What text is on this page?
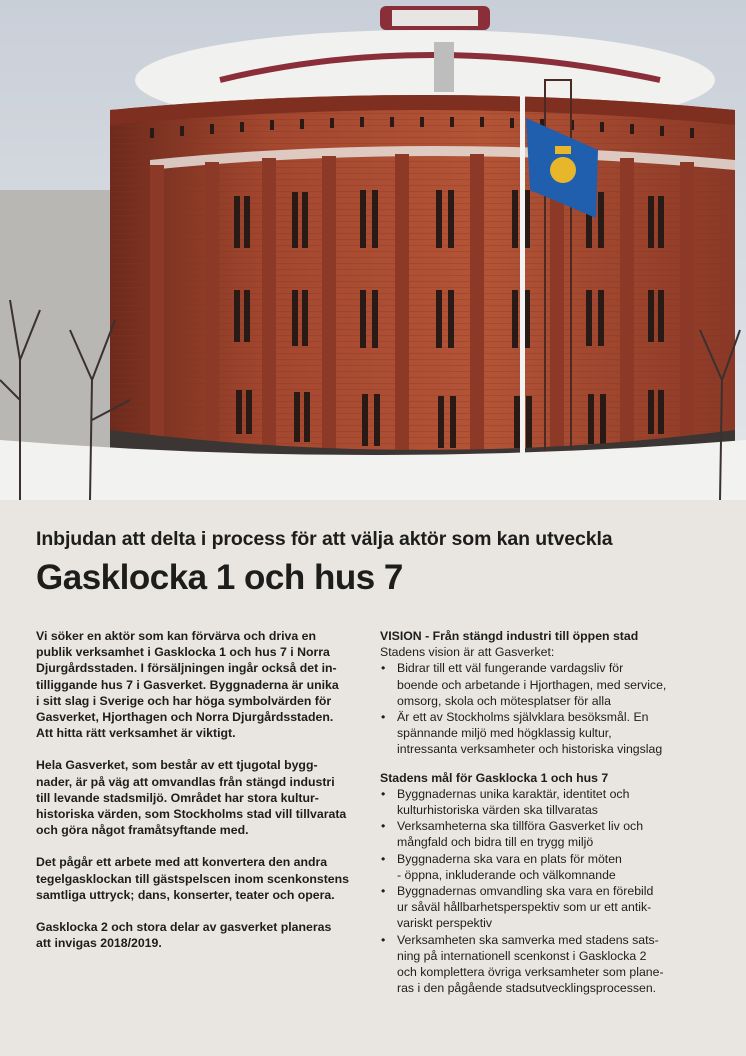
Inbjudan att delta i process för att välja aktör som kan utveckla
Gasklocka 1 och hus 7

Vi söker en aktör som kan förvärva och driva en
publik verksamhet i Gasklocka 1 och hus 7 i Norra
Djurgårdsstaden. I försäljningen ingår också det in-
tilliggande hus 7 i Gasverket. Byggnaderna är unika
i sitt slag i Sverige och har höga symbolvärden för
Gasverket, Hjorthagen och Norra Djurgårdsstaden.
Att hitta rätt verksamhet är viktigt.

Hela Gasverket, som består av ett tjugotal bygg-
nader, är på väg att omvandlas från stängd industri
till levande stadsmiljö. Området har stora kultur-
historiska värden, som Stockholms stad vill tillvarata
och göra något framåtsyftande med.

Det pågår ett arbete med att konvertera den andra
tegelgasklockan till gästspelscen inom scenkonstens
samtliga uttryck; dans, konserter, teater och opera.

Gasklocka 2 och stora delar av gasverket planeras
att invigas 2018/2019.

VISION - Från stängd industri till öppen stad

Stadens vision är att Gasverket:

• Bidrar till ett väl fungerande vardagsliv för
boende och arbetande i Hjorthagen, med service,
omsorg, skola och mötesplatser för alla
• Är ett av Stockholms självklara besöksmål. En
spännande miljö med högklassig kultur,
intressanta verksamheter och historiska vingslag
Stadens mål för Gasklocka 1 och hus 7
• Byggnadernas unika karaktär, identitet och
kulturhistoriska värden ska tillvaratas
• Verksamheterna ska tillföra Gasverket liv och
mångfald och bidra till en trygg miljö
• Byggnaderna ska vara en plats för möten
- öppna, inkluderande och välkomnande
• Byggnadernas omvandling ska vara en förebild
ur såväl hållbarhetsperspektiv som ur ett antik-
variskt perspektiv
• Verksamheten ska samverka med stadens sats-
ning på internationell scenkonst i Gasklocka 2
och komplettera övriga verksamheter som plane-
ras i den pågående stadsutvecklingsprocessen.
